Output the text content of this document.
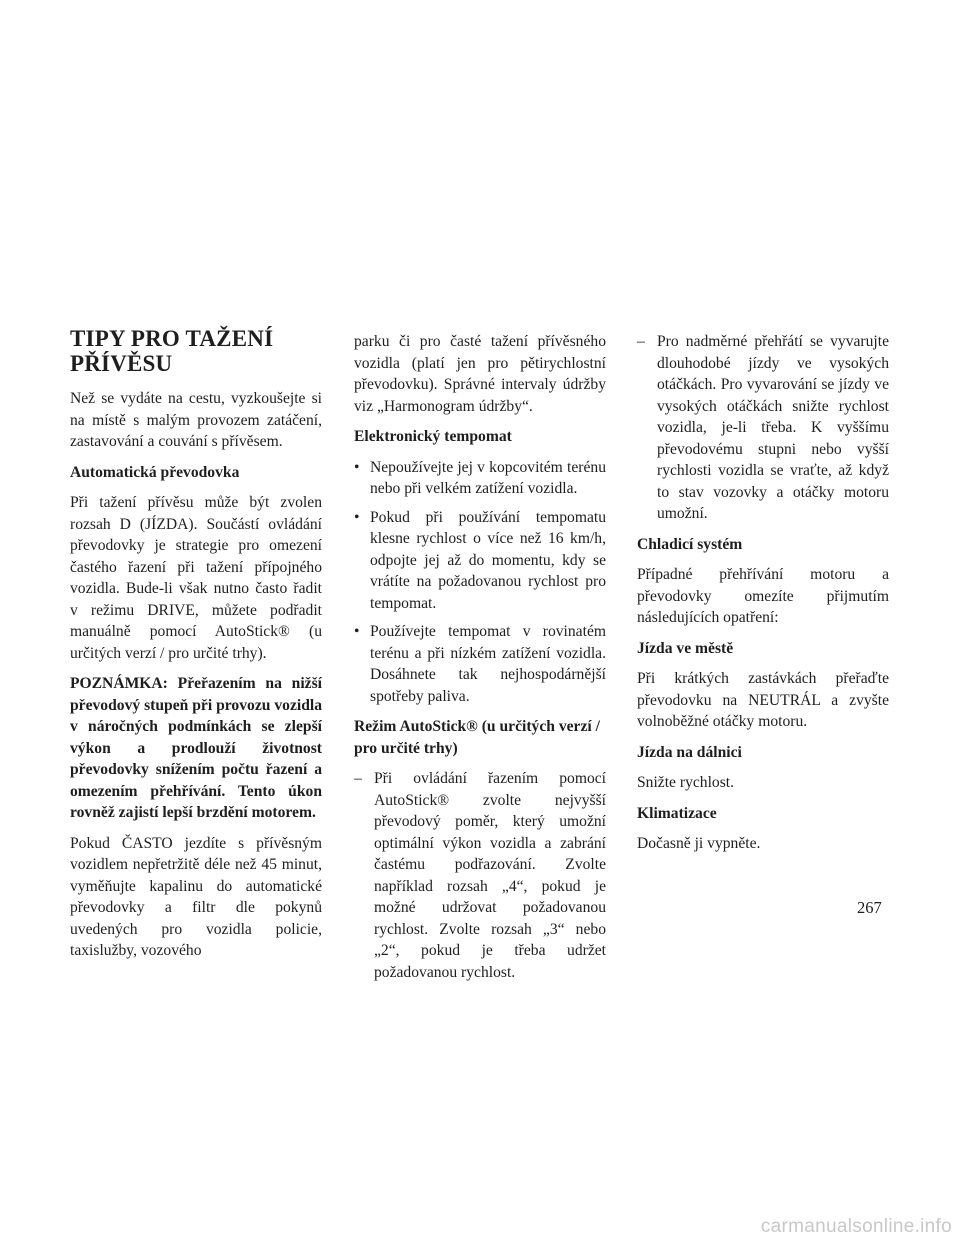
TIPY PRO TAŽENÍ
PŘÍVĚSU

Než se vydáte na cestu, vyzkoušejte si na místě s malým provozem zatáčení, zastavování a couvání s přívěsem.

Automatická převodovka

Při tažení přívěsu může být zvolen rozsah D (JÍZDA). Součástí ovládání převodovky je strategie pro omezení častého řazení při tažení přípojného vozidla. Bude-li však nutno často řadit v režimu DRIVE, můžete podřadit manuálně pomocí AutoStick® (u určitých verzí / pro určité trhy).

POZNÁMKA: Přeřazením na nižší převodový stupeň při provozu vozidla v náročných podmínkách se zlepší výkon a prodlouží životnost převodovky snížením počtu řazení a omezením přehřívání. Tento úkon rovněž zajistí lepší brzdění motorem.

Pokud ČASTO jezdíte s přívěsným vozidlem nepřetržitě déle než 45 minut, vyměňujte kapalinu do automatické převodovky a filtr dle pokynů uvedených pro vozidla policie, taxislužby, vozového

parku či pro časté tažení přívěsného vozidla (platí jen pro pětirychlostní převodovku). Správné intervaly údržby viz „Harmonogram údržby“.

Elektronický tempomat

• Nepoužívejte jej v kopcovitém terénu nebo při velkém zatížení vozidla.
• Pokud při používání tempomatu klesne rychlost o více než 16 km/h, odpojte jej až do momentu, kdy se vrátíte na požadovanou rychlost pro tempomat.
• Používejte tempomat v rovinatém terénu a při nízkém zatížení vozidla. Dosáhnete tak nejhospodárnější spotřeby paliva.

Režim AutoStick® (u určitých verzí /
pro určité trhy)

– Při ovládání řazením pomocí AutoStick® zvolte nejvyšší převodový poměr, který umožní optimální výkon vozidla a zabrání častému podřazování. Zvolte například rozsah „4“, pokud je možné udržovat požadovanou rychlost. Zvolte rozsah „3“ nebo „2“, pokud je třeba udržet požadovanou rychlost.
– Pro nadměrné přehřátí se vyvarujte dlouhodobé jízdy ve vysokých otáčkách. Pro vyvarování se jízdy ve vysokých otáčkách snižte rychlost vozidla, je-li třeba. K vyššímu převodovému stupni nebo vyšší rychlosti vozidla se vraťte, až když to stav vozovky a otáčky motoru umožní.

Chladicí systém

Případné přehřívání motoru a převodovky omezíte přijmutím následujících opatření:

Jízda ve městě

Při krátkých zastávkách přeřaďte převodovku na NEUTRÁL a zvyšte volnoběžné otáčky motoru.

Jízda na dálnici

Snižte rychlost.

Klimatizace

Dočasně ji vypněte.

267
carmanualsonline.info
